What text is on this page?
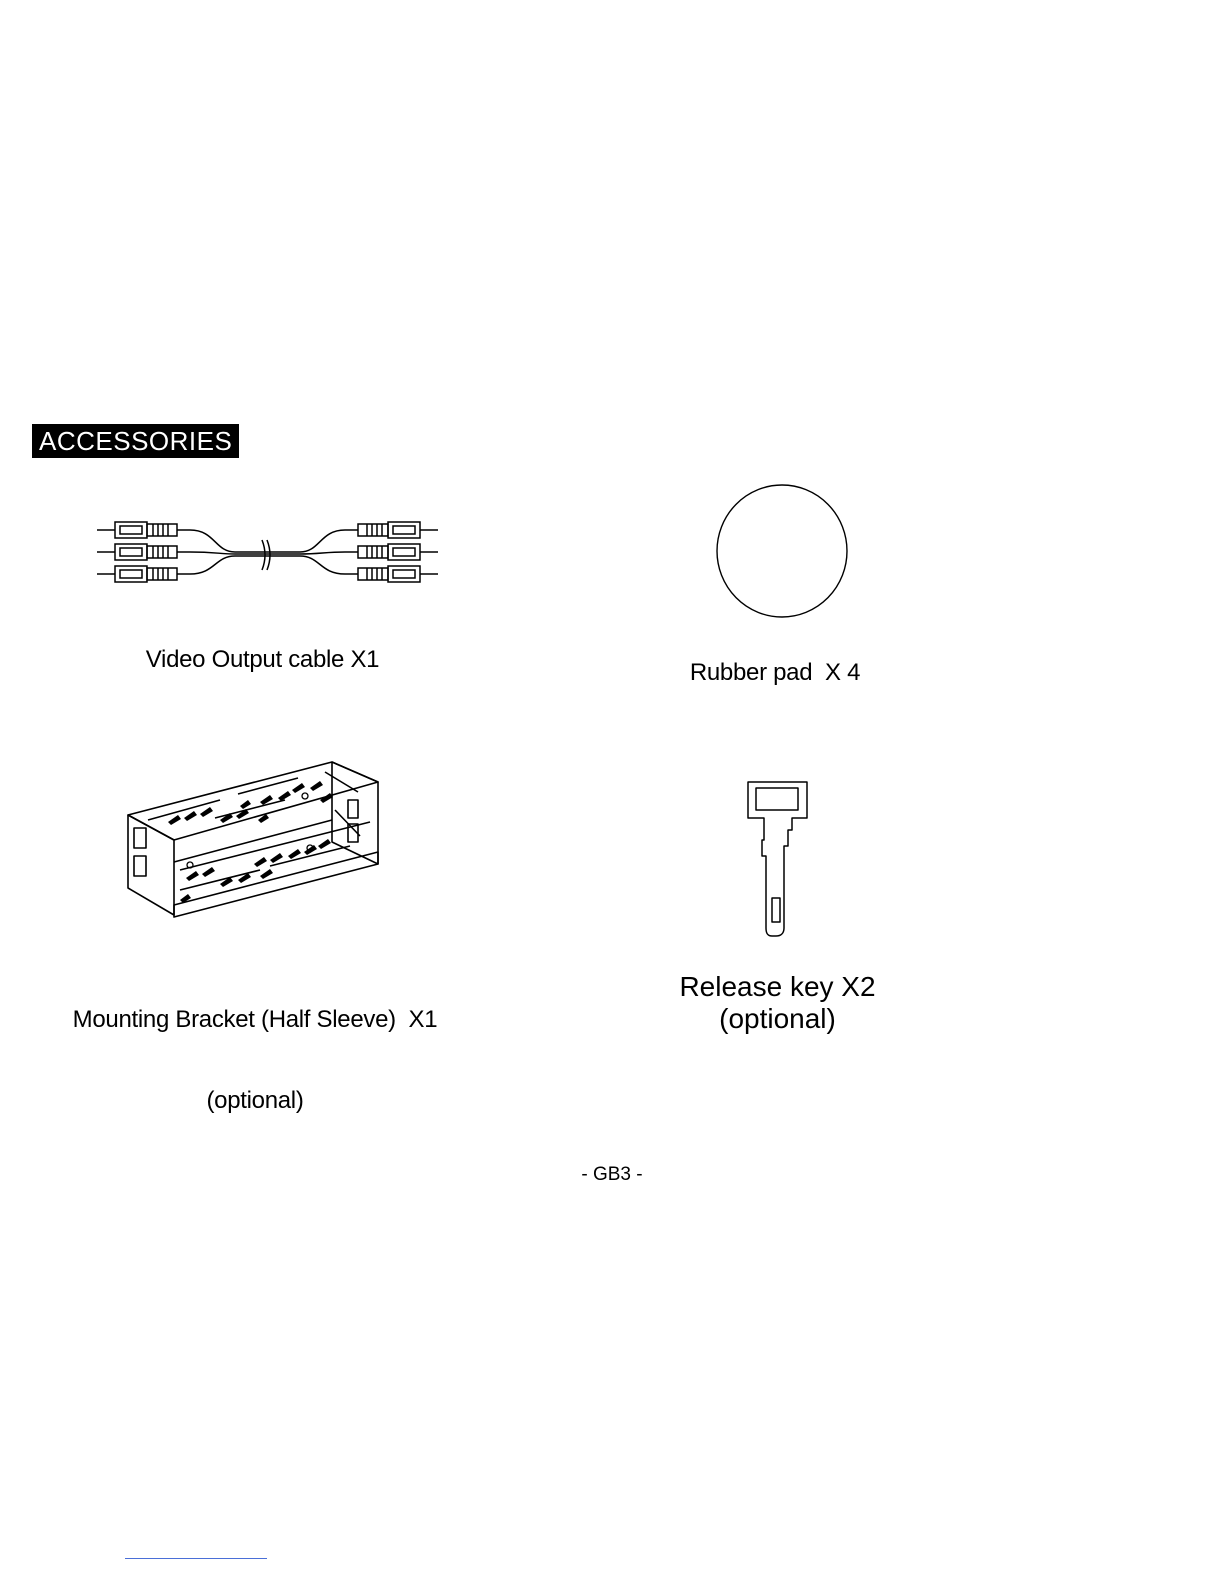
ACCESSORIES
Video Output cable X1	Rubber pad  X 4

Mounting Bracket (Half Sleeve)  X1

(optional)

Release key X2
(optional)
- GB3 -
